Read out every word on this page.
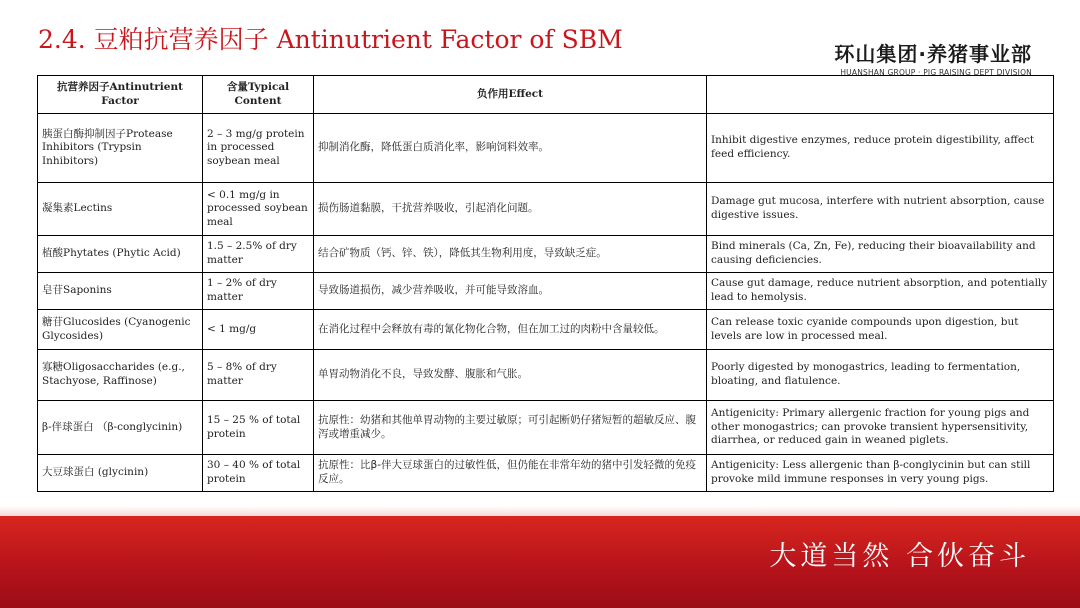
2.4. 豆粕抗营养因子 Antinutrient Factor of SBM	环山集团·养猪事业部
HUANSHAN GROUP · PIG RAISING DEPT DIVISION
抗营养因子Antinutrient Factor	含量Typical Content	负作用Effect	
胰蛋白酶抑制因子Protease Inhibitors (Trypsin Inhibitors)	2 – 3 mg/g protein in processed soybean meal	抑制消化酶，降低蛋白质消化率，影响饲料效率。	Inhibit digestive enzymes, reduce protein digestibility, affect feed efficiency.
凝集素Lectins	< 0.1 mg/g in processed soybean meal	损伤肠道黏膜，干扰营养吸收，引起消化问题。	Damage gut mucosa, interfere with nutrient absorption, cause digestive issues.
植酸Phytates (Phytic Acid)	1.5 – 2.5% of dry matter	结合矿物质（钙、锌、铁），降低其生物利用度，导致缺乏症。	Bind minerals (Ca, Zn, Fe), reducing their bioavailability and causing deficiencies.
皂苷Saponins	1 – 2% of dry matter	导致肠道损伤，减少营养吸收，并可能导致溶血。	Cause gut damage, reduce nutrient absorption, and potentially lead to hemolysis.
糖苷Glucosides (Cyanogenic Glycosides)	< 1 mg/g	在消化过程中会释放有毒的氰化物化合物，但在加工过的肉粉中含量较低。	Can release toxic cyanide compounds upon digestion, but levels are low in processed meal.
寡糖Oligosaccharides (e.g., Stachyose, Raffinose)	5 – 8% of dry matter	单胃动物消化不良，导致发酵、腹胀和气胀。	Poorly digested by monogastrics, leading to fermentation, bloating, and flatulence.
β-伴球蛋白 （β-conglycinin)	15 – 25 % of total protein	抗原性：幼猪和其他单胃动物的主要过敏原；可引起断奶仔猪短暂的超敏反应、腹泻或增重减少。	Antigenicity: Primary allergenic fraction for young pigs and other monogastrics; can provoke transient hypersensitivity, diarrhea, or reduced gain in weaned piglets.
大豆球蛋白 (glycinin)	30 – 40 % of total protein	抗原性：比β-伴大豆球蛋白的过敏性低，但仍能在非常年幼的猪中引发轻微的免疫反应。	Antigenicity: Less allergenic than β-conglycinin but can still provoke mild immune responses in very young pigs.
大道当然 合伙奋斗
